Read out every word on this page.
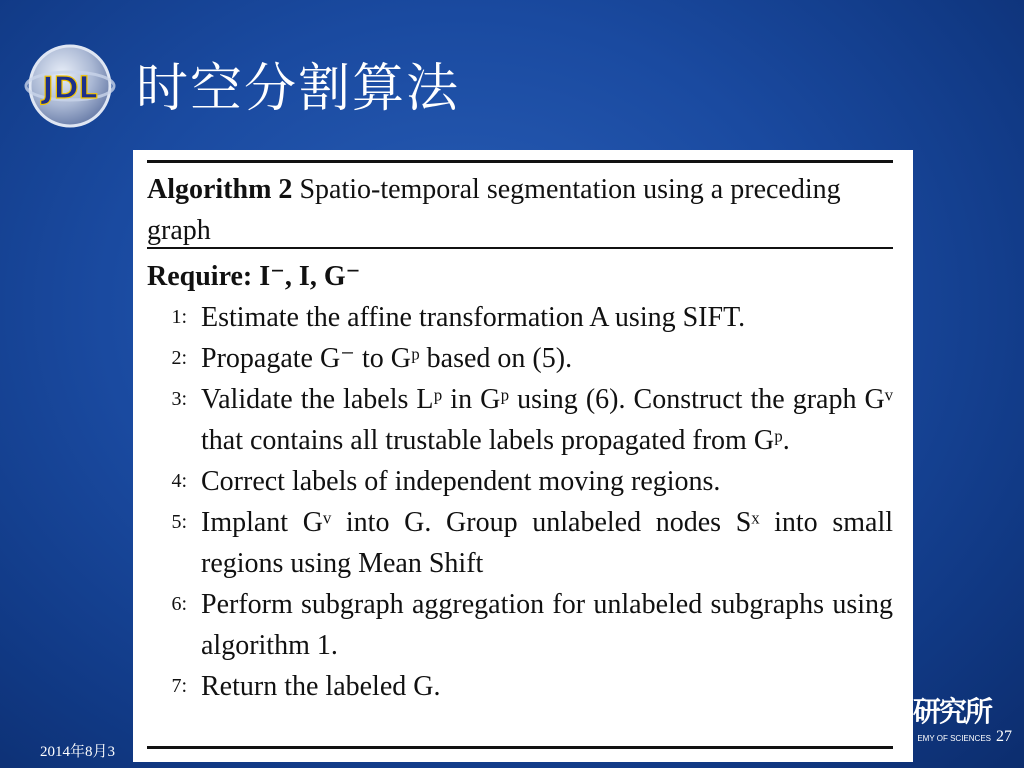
JDL 时空分割算法
Algorithm 2 Spatio-temporal segmentation using a preceding graph
Require: I⁻, I, G⁻
1: Estimate the affine transformation A using SIFT.
2: Propagate G⁻ to Gᵖ based on (5).
3: Validate the labels Lᵖ in Gᵖ using (6). Construct the graph Gᵛ that contains all trustable labels propagated from Gᵖ.
4: Correct labels of independent moving regions.
5: Implant Gᵛ into G. Group unlabeled nodes Sˣ into small regions using Mean Shift
6: Perform subgraph aggregation for unlabeled subgraphs using algorithm 1.
7: Return the labeled G.
研究所
EMY OF SCIENCES
2014年8月3
27
